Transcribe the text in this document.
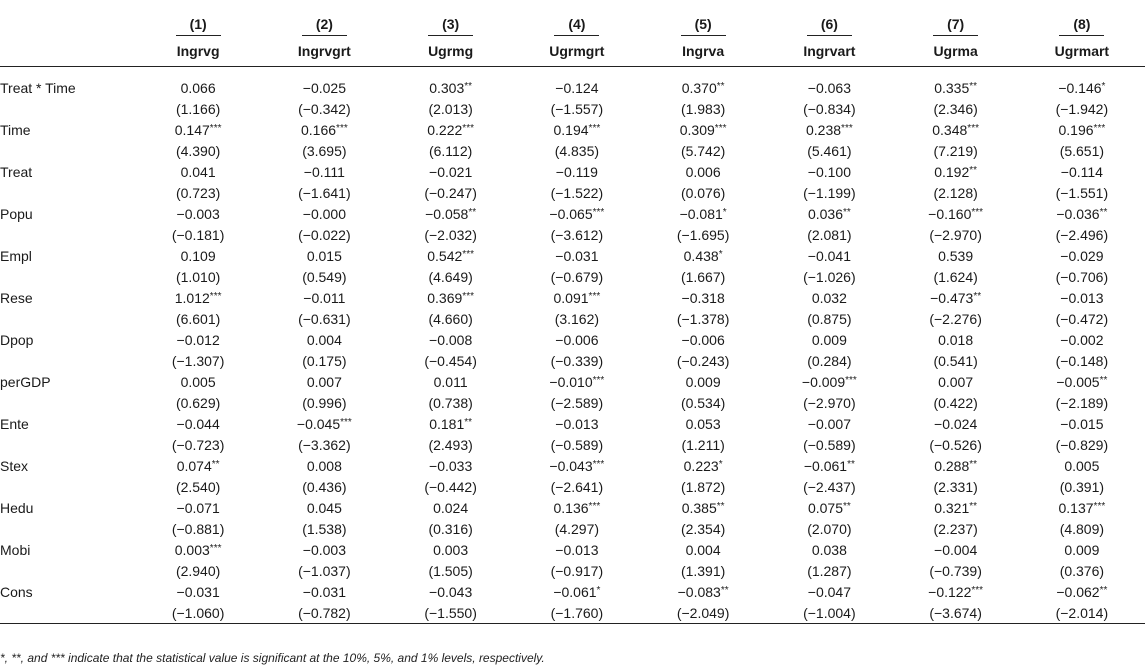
	(1)	(2)	(3)	(4)	(5)	(6)	(7)	(8)
	Ingrvg	Ingrvgrt	Ugrmg	Ugrmgrt	Ingrva	Ingrvart	Ugrma	Ugrmart

Treat * Time	0.066	−0.025	0.303**	−0.124	0.370**	−0.063	0.335**	−0.146*
	(1.166)	(−0.342)	(2.013)	(−1.557)	(1.983)	(−0.834)	(2.346)	(−1.942)
Time	0.147***	0.166***	0.222***	0.194***	0.309***	0.238***	0.348***	0.196***
	(4.390)	(3.695)	(6.112)	(4.835)	(5.742)	(5.461)	(7.219)	(5.651)
Treat	0.041	−0.111	−0.021	−0.119	0.006	−0.100	0.192**	−0.114
	(0.723)	(−1.641)	(−0.247)	(−1.522)	(0.076)	(−1.199)	(2.128)	(−1.551)
Popu	−0.003	−0.000	−0.058**	−0.065***	−0.081*	0.036**	−0.160***	−0.036**
	(−0.181)	(−0.022)	(−2.032)	(−3.612)	(−1.695)	(2.081)	(−2.970)	(−2.496)
Empl	0.109	0.015	0.542***	−0.031	0.438*	−0.041	0.539	−0.029
	(1.010)	(0.549)	(4.649)	(−0.679)	(1.667)	(−1.026)	(1.624)	(−0.706)
Rese	1.012***	−0.011	0.369***	0.091***	−0.318	0.032	−0.473**	−0.013
	(6.601)	(−0.631)	(4.660)	(3.162)	(−1.378)	(0.875)	(−2.276)	(−0.472)
Dpop	−0.012	0.004	−0.008	−0.006	−0.006	0.009	0.018	−0.002
	(−1.307)	(0.175)	(−0.454)	(−0.339)	(−0.243)	(0.284)	(0.541)	(−0.148)
perGDP	0.005	0.007	0.011	−0.010***	0.009	−0.009***	0.007	−0.005**
	(0.629)	(0.996)	(0.738)	(−2.589)	(0.534)	(−2.970)	(0.422)	(−2.189)
Ente	−0.044	−0.045***	0.181**	−0.013	0.053	−0.007	−0.024	−0.015
	(−0.723)	(−3.362)	(2.493)	(−0.589)	(1.211)	(−0.589)	(−0.526)	(−0.829)
Stex	0.074**	0.008	−0.033	−0.043***	0.223*	−0.061**	0.288**	0.005
	(2.540)	(0.436)	(−0.442)	(−2.641)	(1.872)	(−2.437)	(2.331)	(0.391)
Hedu	−0.071	0.045	0.024	0.136***	0.385**	0.075**	0.321**	0.137***
	(−0.881)	(1.538)	(0.316)	(4.297)	(2.354)	(2.070)	(2.237)	(4.809)
Mobi	0.003***	−0.003	0.003	−0.013	0.004	0.038	−0.004	0.009
	(2.940)	(−1.037)	(1.505)	(−0.917)	(1.391)	(1.287)	(−0.739)	(0.376)
Cons	−0.031	−0.031	−0.043	−0.061*	−0.083**	−0.047	−0.122***	−0.062**
	(−1.060)	(−0.782)	(−1.550)	(−1.760)	(−2.049)	(−1.004)	(−3.674)	(−2.014)
*, **, and *** indicate that the statistical value is significant at the 10%, 5%, and 1% levels, respectively.
